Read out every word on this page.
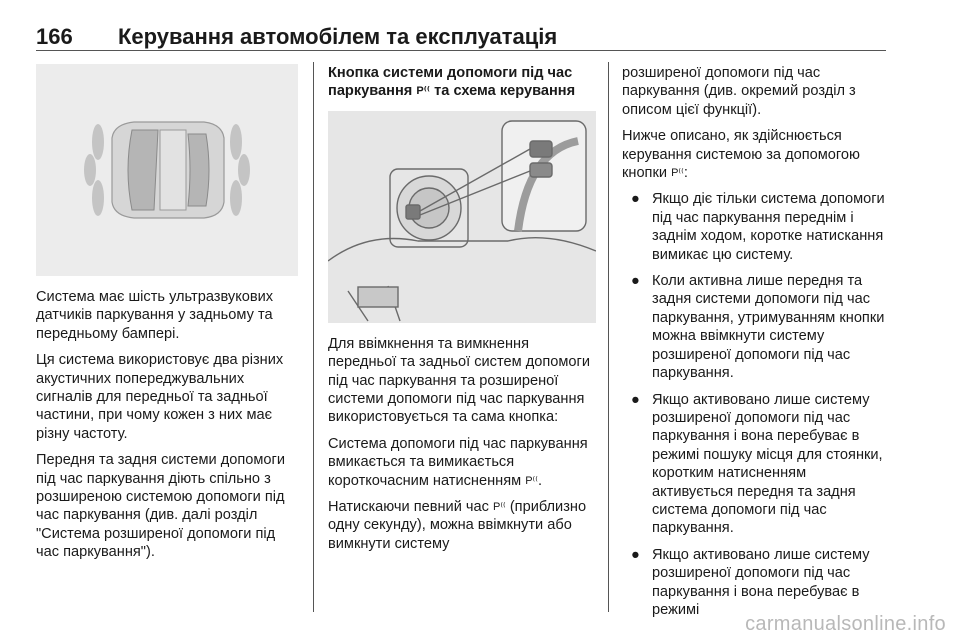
166 Керування автомобілем та експлуатація

Система має шість ультразвукових датчиків паркування у задньому та передньому бампері.

Ця система використовує два різних акустичних попереджувальних сигналів для передньої та задньої частини, при чому кожен з них має різну частоту.

Передня та задня системи допомоги під час паркування діють спільно з розширеною системою допомоги під час паркування (див. далі розділ "Система розширеної допомоги під час паркування").

Кнопка системи допомоги під час паркування P⁽⁽ та схема керування

Для ввімкнення та вимкнення передньої та задньої систем допомоги під час паркування та розширеної системи допомоги під час паркування використовується та сама кнопка:

Система допомоги під час паркування вмикається та вимикається короткочасним натисненням P⁽⁽.

Натискаючи певний час P⁽⁽ (приблизно одну секунду), можна ввімкнути або вимкнути систему

розширеної допомоги під час паркування (див. окремий розділ з описом цієї функції).

Нижче описано, як здійснюється керування системою за допомогою кнопки P⁽⁽:

● Якщо діє тільки система допомоги під час паркування переднім і заднім ходом, коротке натискання вимикає цю систему.
● Коли активна лише передня та задня системи допомоги під час паркування, утримуванням кнопки можна ввімкнути систему розширеної допомоги під час паркування.
● Якщо активовано лише систему розширеної допомоги під час паркування і вона перебуває в режимі пошуку місця для стоянки, коротким натисненням активується передня та задня система допомоги під час паркування.
● Якщо активовано лише систему розширеної допомоги під час паркування і вона перебуває в режимі
carmanualsonline.info
